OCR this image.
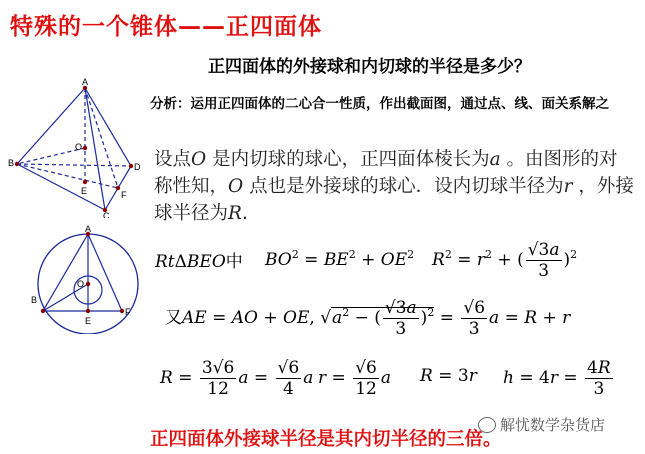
特殊的一个锥体——正四面体
正四面体的外接球和内切球的半径是多少？
分析：运用正四面体的二心合一性质，作出截面图，通过点、线、面关系解之
设点O 是内切球的球心，正四面体棱长为a 。由图形的对称性知，O 点也是外接球的球心．设内切球半径为r ，外接球半径为R.
A
B
C
D
O
E	F
A
B
O
E
F
RtΔBEO中 $BO^2 = BE^2 + OE^2$ $R^2 = r^2$ + ( $\frac{√3a}{3} )^2$
又AE = AO + OE, $√a^2$ − ( $\frac{√3a}{3} )^2 = \frac{√6}{3}$ a = R + r
$R = \frac{3√6}{12}$ $a = \frac{√6}{4}$ a $r = \frac{√6}{12}$ a R = 3r $h = 4r = \frac{4R}{3}$
解忧数学杂货店
正四面体外接球半径是其内切半径的三倍。
